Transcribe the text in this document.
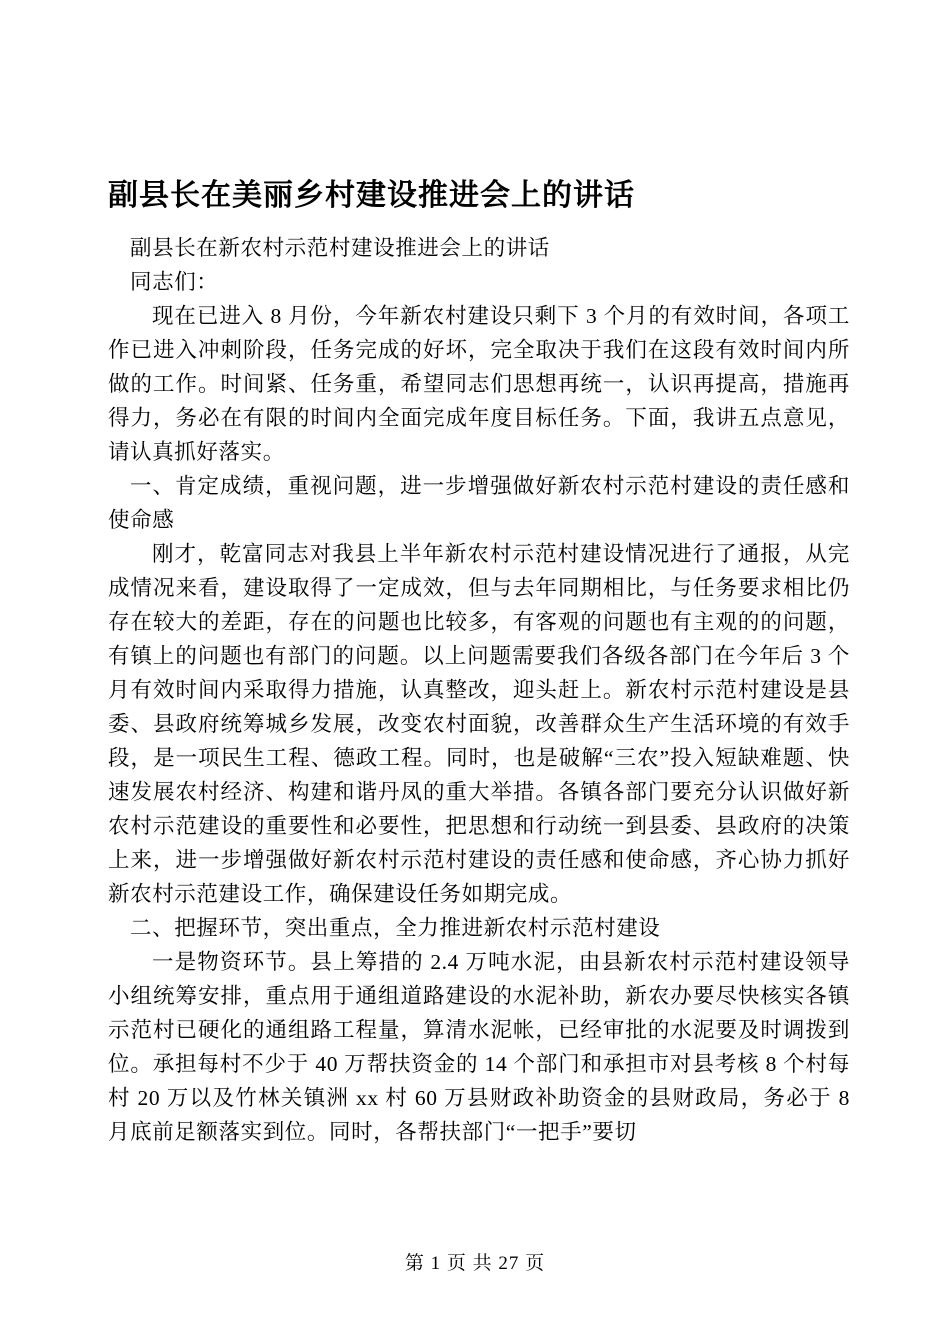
副县长在美丽乡村建设推进会上的讲话

副县长在新农村示范村建设推进会上的讲话

同志们：

现在已进入 8 月份，今年新农村建设只剩下 3 个月的有效时间，各项工作已进入冲刺阶段，任务完成的好坏，完全取决于我们在这段有效时间内所做的工作。时间紧、任务重，希望同志们思想再统一，认识再提高，措施再得力，务必在有限的时间内全面完成年度目标任务。下面，我讲五点意见，请认真抓好落实。

一、肯定成绩，重视问题，进一步增强做好新农村示范村建设的责任感和使命感

刚才，乾富同志对我县上半年新农村示范村建设情况进行了通报，从完成情况来看，建设取得了一定成效，但与去年同期相比，与任务要求相比仍存在较大的差距，存在的问题也比较多，有客观的问题也有主观的的问题，有镇上的问题也有部门的问题。以上问题需要我们各级各部门在今年后 3 个月有效时间内采取得力措施，认真整改，迎头赶上。新农村示范村建设是县委、县政府统筹城乡发展，改变农村面貌，改善群众生产生活环境的有效手段，是一项民生工程、德政工程。同时，也是破解“三农”投入短缺难题、快速发展农村经济、构建和谐丹凤的重大举措。各镇各部门要充分认识做好新农村示范建设的重要性和必要性，把思想和行动统一到县委、县政府的决策上来，进一步增强做好新农村示范村建设的责任感和使命感，齐心协力抓好新农村示范建设工作，确保建设任务如期完成。

二、把握环节，突出重点，全力推进新农村示范村建设

一是物资环节。县上筹措的 2.4 万吨水泥，由县新农村示范村建设领导小组统筹安排，重点用于通组道路建设的水泥补助，新农办要尽快核实各镇示范村已硬化的通组路工程量，算清水泥帐，已经审批的水泥要及时调拨到位。承担每村不少于 40 万帮扶资金的 14 个部门和承担市对县考核 8 个村每村 20 万以及竹林关镇洲 xx 村 60 万县财政补助资金的县财政局，务必于 8 月底前足额落实到位。同时，各帮扶部门“一把手”要切

第 1 页 共 27 页
